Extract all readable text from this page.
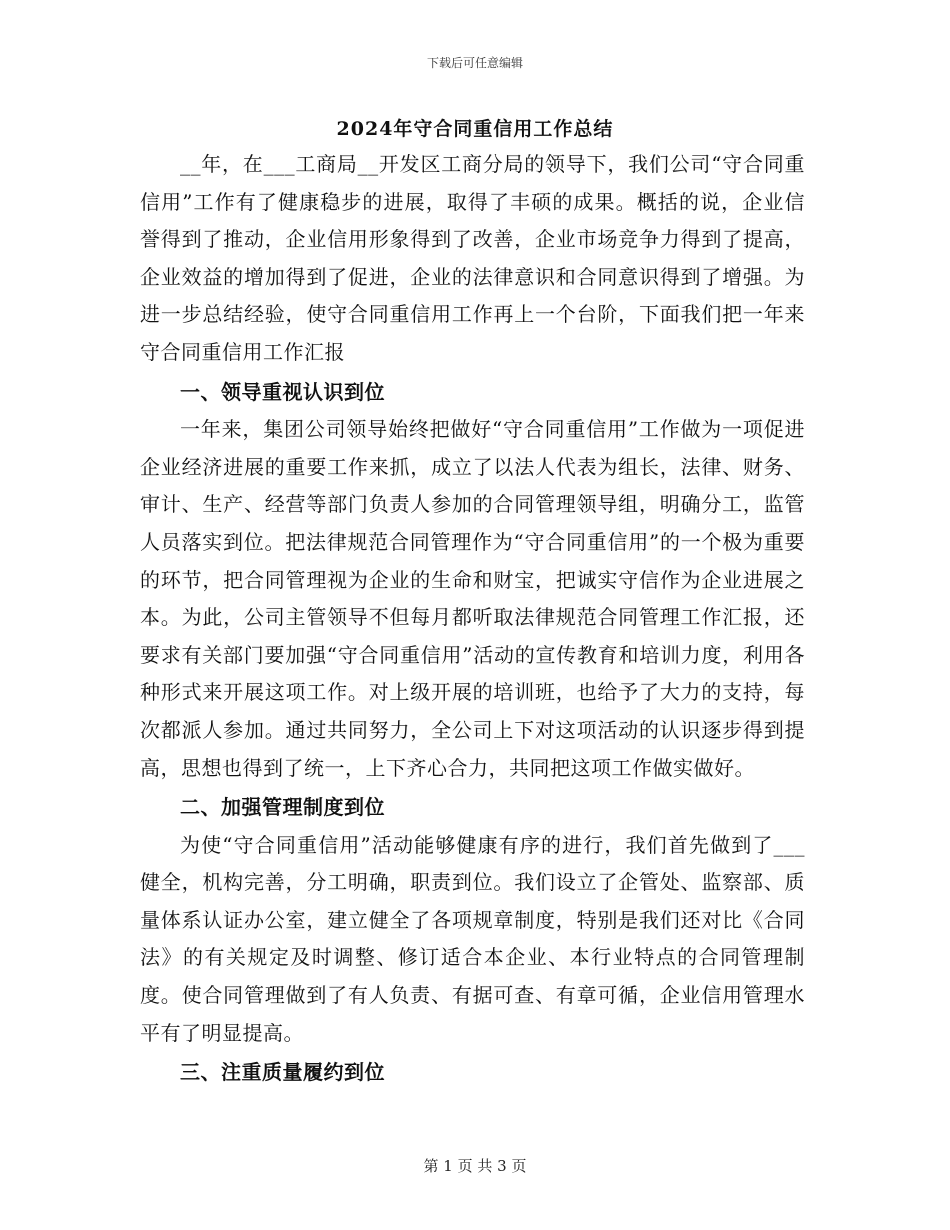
下载后可任意编辑
2024年守合同重信用工作总结

__年，在___工商局__开发区工商分局的领导下，我们公司“守合同重信用”工作有了健康稳步的进展，取得了丰硕的成果。概括的说，企业信誉得到了推动，企业信用形象得到了改善，企业市场竞争力得到了提高，企业效益的增加得到了促进，企业的法律意识和合同意识得到了增强。为进一步总结经验，使守合同重信用工作再上一个台阶，下面我们把一年来守合同重信用工作汇报

一、领导重视认识到位

一年来，集团公司领导始终把做好“守合同重信用”工作做为一项促进企业经济进展的重要工作来抓，成立了以法人代表为组长，法律、财务、审计、生产、经营等部门负责人参加的合同管理领导组，明确分工，监管人员落实到位。把法律规范合同管理作为“守合同重信用”的一个极为重要的环节，把合同管理视为企业的生命和财宝，把诚实守信作为企业进展之本。为此，公司主管领导不但每月都听取法律规范合同管理工作汇报，还要求有关部门要加强“守合同重信用”活动的宣传教育和培训力度，利用各种形式来开展这项工作。对上级开展的培训班，也给予了大力的支持，每次都派人参加。通过共同努力，全公司上下对这项活动的认识逐步得到提高，思想也得到了统一，上下齐心合力，共同把这项工作做实做好。

二、加强管理制度到位

为使“守合同重信用”活动能够健康有序的进行，我们首先做到了___健全，机构完善，分工明确，职责到位。我们设立了企管处、监察部、质量体系认证办公室，建立健全了各项规章制度，特别是我们还对比《合同法》的有关规定及时调整、修订适合本企业、本行业特点的合同管理制度。使合同管理做到了有人负责、有据可查、有章可循，企业信用管理水平有了明显提高。

三、注重质量履约到位

第 1 页 共 3 页
